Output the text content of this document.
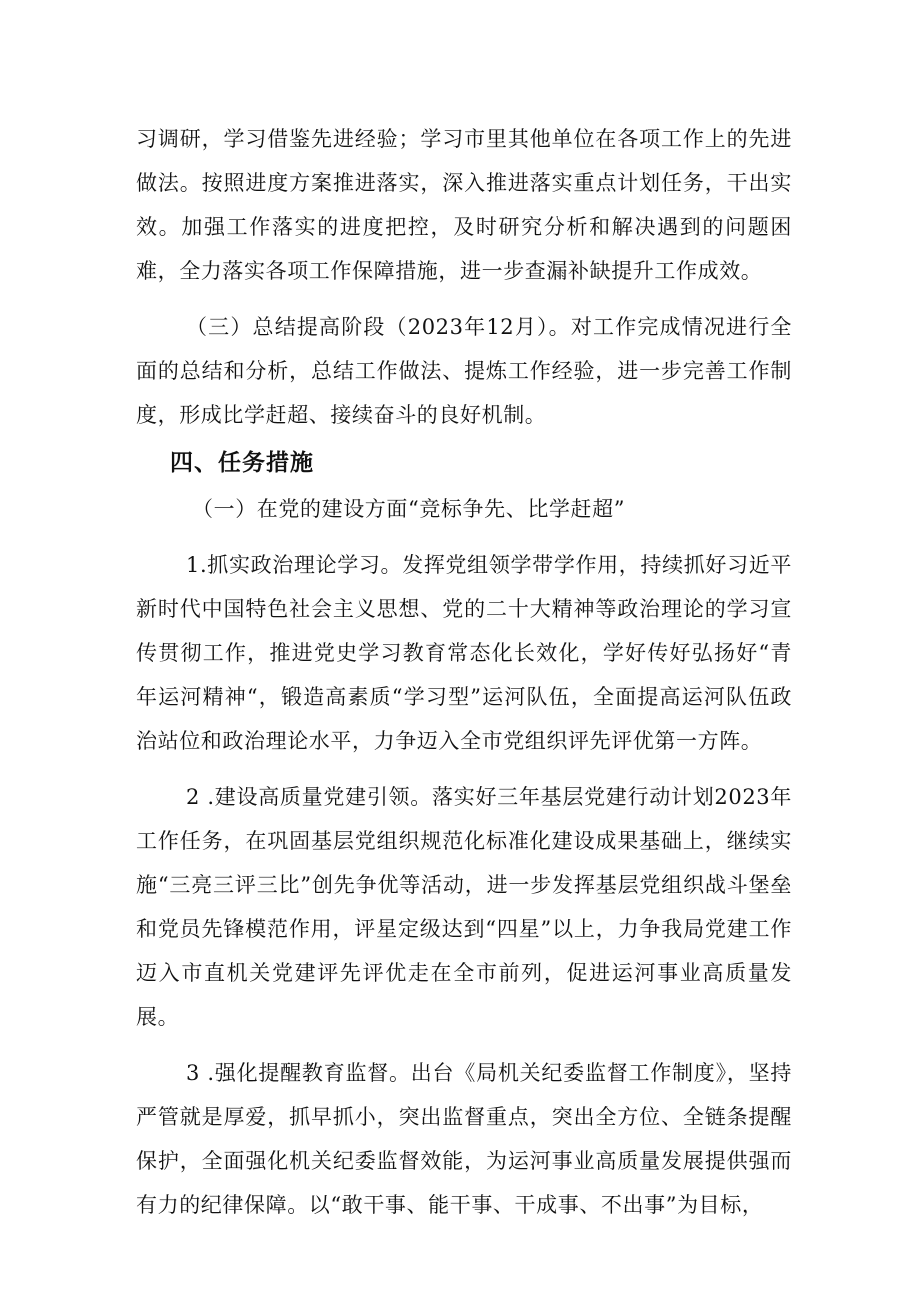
习调研，学习借鉴先进经验；学习市里其他单位在各项工作上的先进做法。按照进度方案推进落实，深入推进落实重点计划任务，干出实效。加强工作落实的进度把控，及时研究分析和解决遇到的问题困难，全力落实各项工作保障措施，进一步查漏补缺提升工作成效。

（三）总结提高阶段（2023年12月）。对工作完成情况进行全面的总结和分析，总结工作做法、提炼工作经验，进一步完善工作制度，形成比学赶超、接续奋斗的良好机制。

四、任务措施

（一）在党的建设方面“竞标争先、比学赶超”

1.抓实政治理论学习。发挥党组领学带学作用，持续抓好习近平新时代中国特色社会主义思想、党的二十大精神等政治理论的学习宣传贯彻工作，推进党史学习教育常态化长效化，学好传好弘扬好“青年运河精神“，锻造高素质“学习型”运河队伍，全面提高运河队伍政治站位和政治理论水平，力争迈入全市党组织评先评优第一方阵。

2 .建设高质量党建引领。落实好三年基层党建行动计划2023年工作任务，在巩固基层党组织规范化标准化建设成果基础上，继续实施“三亮三评三比”创先争优等活动，进一步发挥基层党组织战斗堡垒和党员先锋模范作用，评星定级达到“四星”以上，力争我局党建工作迈入市直机关党建评先评优走在全市前列，促进运河事业高质量发展。

3 .强化提醒教育监督。出台《局机关纪委监督工作制度》，坚持严管就是厚爱，抓早抓小，突出监督重点，突出全方位、全链条提醒保护，全面强化机关纪委监督效能，为运河事业高质量发展提供强而有力的纪律保障。以“敢干事、能干事、干成事、不出事”为目标，
